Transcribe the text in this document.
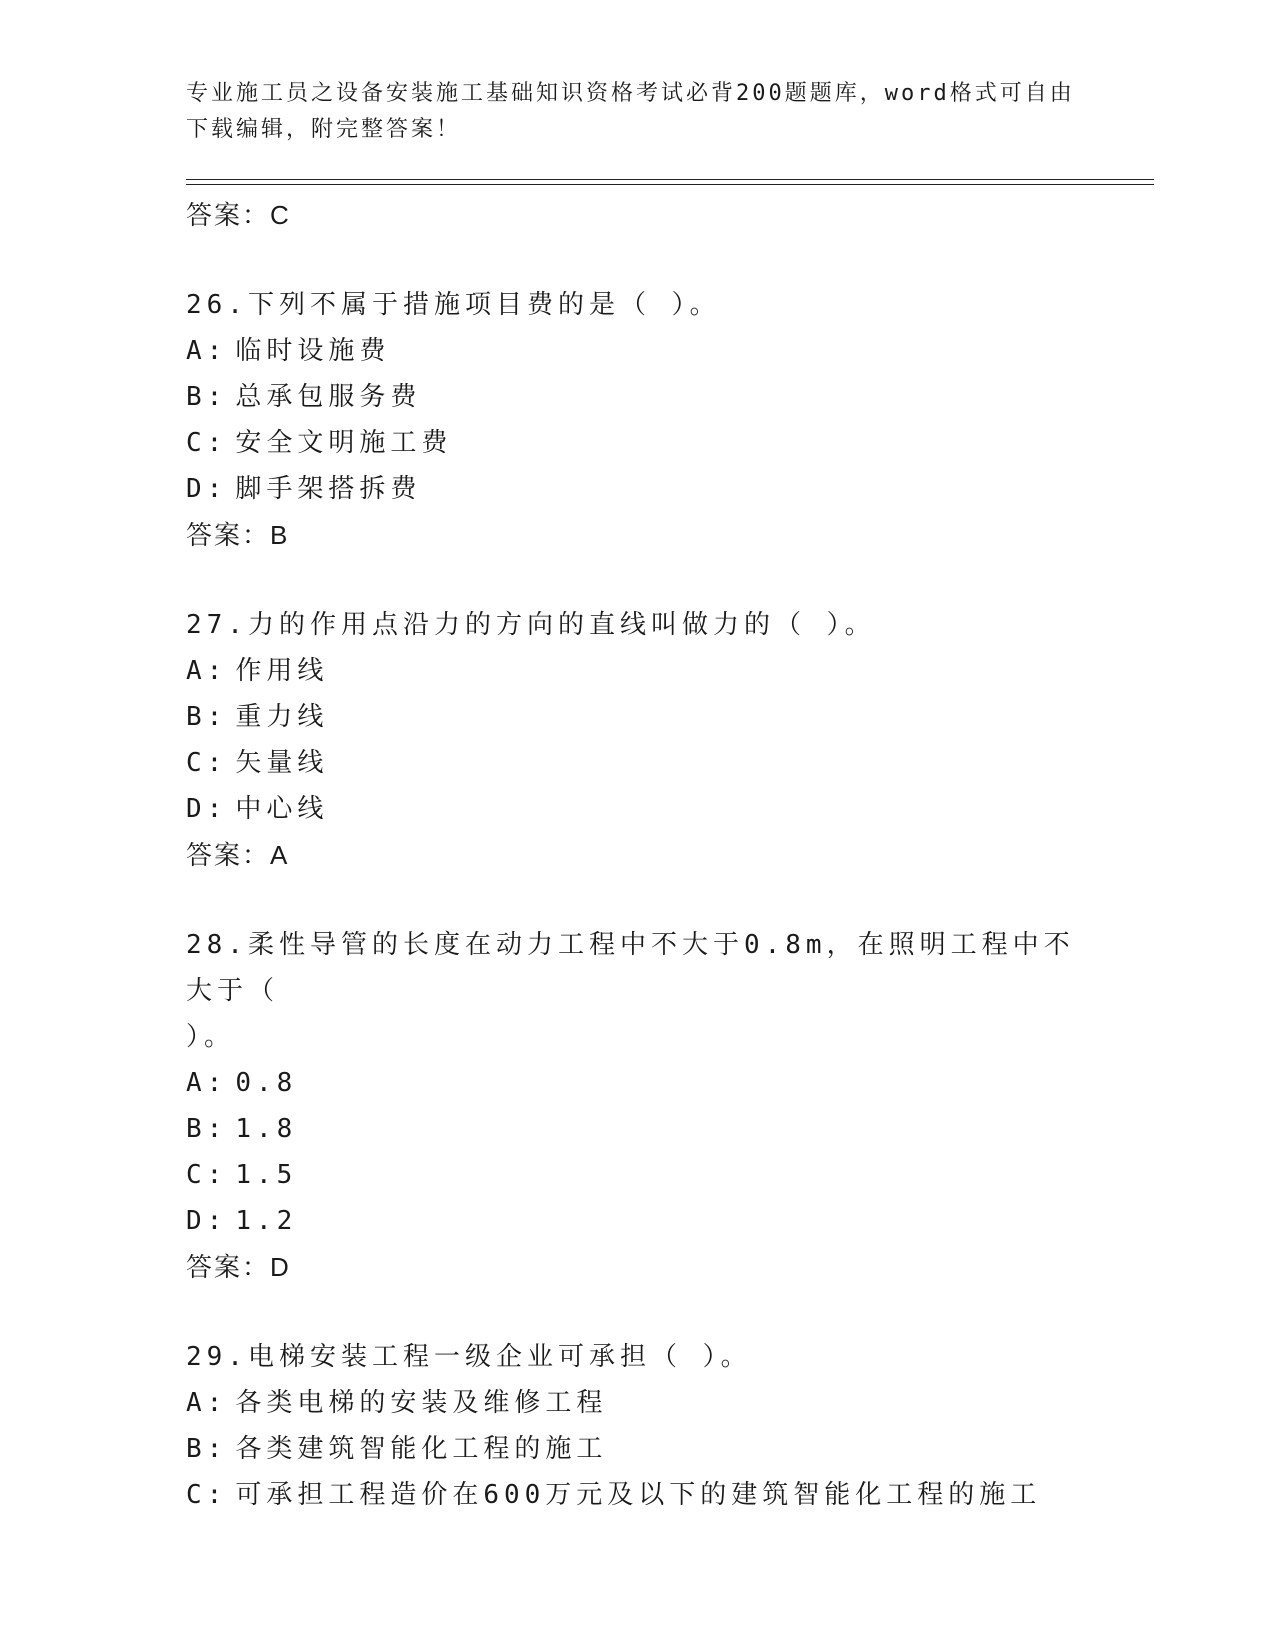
专业施工员之设备安装施工基础知识资格考试必背200题题库，word格式可自由
下载编辑，附完整答案！
答案：C
26.下列不属于措施项目费的是（ ）。
A: 临时设施费
B: 总承包服务费
C: 安全文明施工费
D: 脚手架搭拆费
答案：B
27.力的作用点沿力的方向的直线叫做力的（ ）。
A: 作用线
B: 重力线
C: 矢量线
D: 中心线
答案：A
28.柔性导管的长度在动力工程中不大于0.8m，在照明工程中不大于（
）。
A: 0.8
B: 1.8
C: 1.5
D: 1.2
答案：D
29.电梯安装工程一级企业可承担（ ）。
A: 各类电梯的安装及维修工程
B: 各类建筑智能化工程的施工
C: 可承担工程造价在600万元及以下的建筑智能化工程的施工
